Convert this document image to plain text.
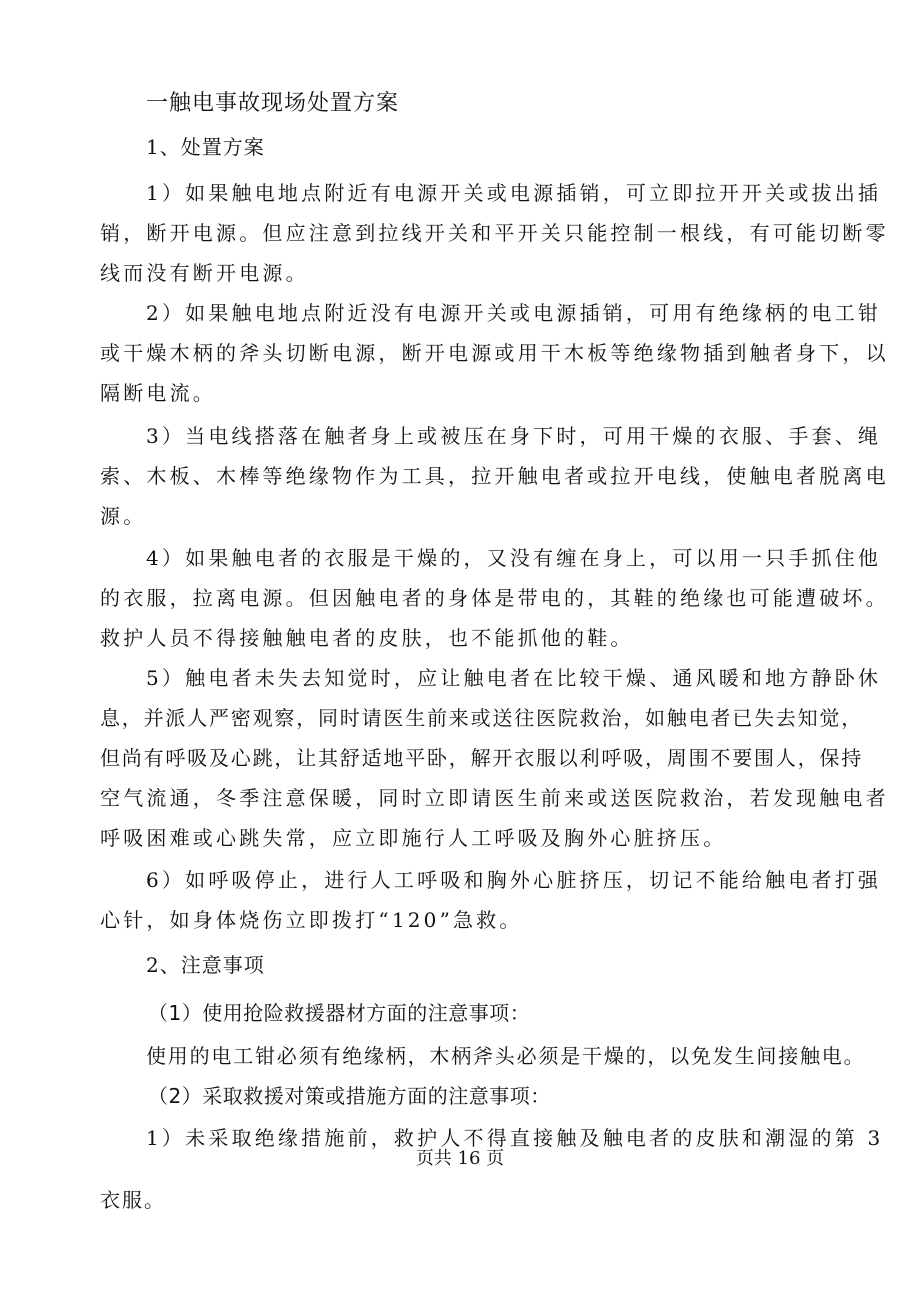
一触电事故现场处置方案
1、处置方案
1）如果触电地点附近有电源开关或电源插销，可立即拉开开关或拔出插
销，断开电源。但应注意到拉线开关和平开关只能控制一根线，有可能切断零
线而没有断开电源。
2）如果触电地点附近没有电源开关或电源插销，可用有绝缘柄的电工钳
或干燥木柄的斧头切断电源，断开电源或用干木板等绝缘物插到触者身下，以
隔断电流。
3）当电线搭落在触者身上或被压在身下时，可用干燥的衣服、手套、绳
索、木板、木棒等绝缘物作为工具，拉开触电者或拉开电线，使触电者脱离电
源。
4）如果触电者的衣服是干燥的，又没有缠在身上，可以用一只手抓住他
的衣服，拉离电源。但因触电者的身体是带电的，其鞋的绝缘也可能遭破坏。
救护人员不得接触触电者的皮肤，也不能抓他的鞋。
5）触电者未失去知觉时，应让触电者在比较干燥、通风暖和地方静卧休
息，并派人严密观察，同时请医生前来或送往医院救治，如触电者已失去知觉，
但尚有呼吸及心跳，让其舒适地平卧，解开衣服以利呼吸，周围不要围人，保持
空气流通，冬季注意保暖，同时立即请医生前来或送医院救治，若发现触电者
呼吸困难或心跳失常，应立即施行人工呼吸及胸外心脏挤压。
6）如呼吸停止，进行人工呼吸和胸外心脏挤压，切记不能给触电者打强
心针，如身体烧伤立即拨打“120”急救。
2、注意事项
（1）使用抢险救援器材方面的注意事项：
使用的电工钳必须有绝缘柄，木柄斧头必须是干燥的，以免发生间接触电。
（2）采取救援对策或措施方面的注意事项：
1）未采取绝缘措施前，救护人不得直接触及触电者的皮肤和潮湿的第 3
页共 16 页
衣服。
